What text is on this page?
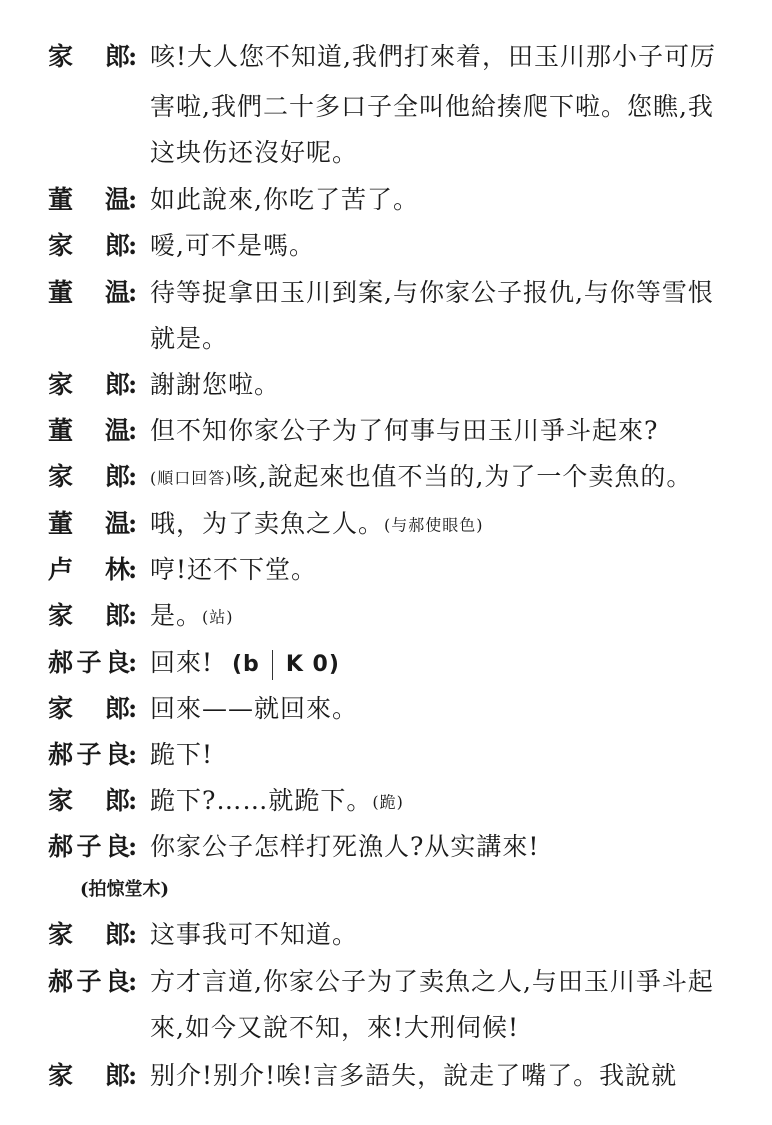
家 郎
: 咳!大人您不知道,我們打來着，田玉川那小子可厉
害啦,我們二十多口子全叫他給揍爬下啦。您瞧,我
这块伤还沒好呢。
董 温
: 如此說來,你吃了苦了。
家 郎
: 嗳,可不是嗎。
董 温
: 待等捉拿田玉川到案,与你家公子报仇,与你等雪恨
就是。
家 郎
: 謝謝您啦。
董 温
: 但不知你家公子为了何事与田玉川爭斗起來?
家 郎
: (順口回答)咳,說起來也值不当的,为了一个卖魚的。
董 温
: 哦，为了卖魚之人。(与郝使眼色)
卢 林
: 哼!还不下堂。
家 郎
: 是。(站)
郝 子 良
: 回來! (b K 0)
家 郎
: 回來——就回來。
郝 子 良
: 跪下!
家 郎
: 跪下?……就跪下。(跪)
郝 子 良
: 你家公子怎样打死漁人?从实講來!
(拍惊堂木)
家 郎
: 这事我可不知道。
郝 子 良
: 方才言道,你家公子为了卖魚之人,与田玉川爭斗起
來,如今又說不知，來!大刑伺候!
家 郎
: 别介!别介!唉!言多語失，說走了嘴了。我說就
